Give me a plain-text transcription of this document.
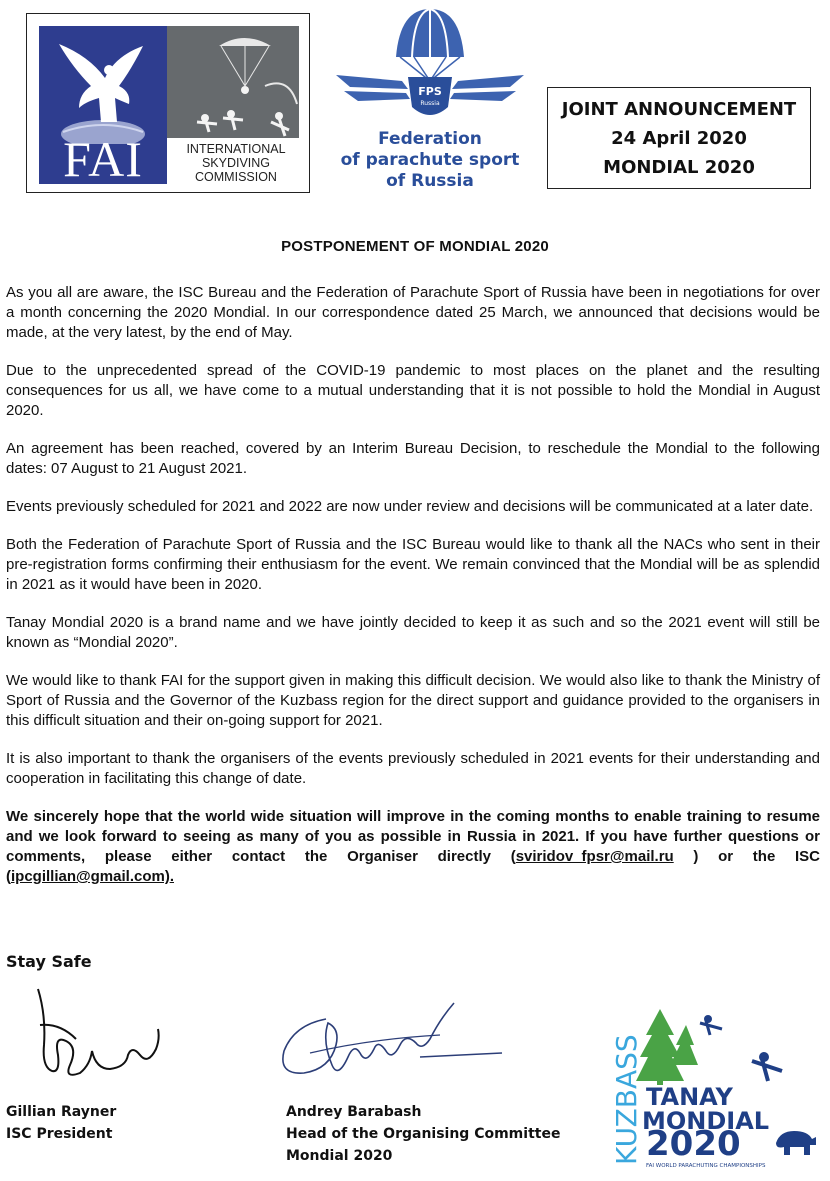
FAI	INTERNATIONAL
SKYDIVING
COMMISSION
FPS
Russia
Federation
of parachute sport
of Russia
JOINT ANNOUNCEMENT
24 April 2020
MONDIAL 2020
POSTPONEMENT OF MONDIAL 2020

As you all are aware, the ISC Bureau and the Federation of Parachute Sport of Russia have been in negotiations for over a month concerning the 2020 Mondial. In our correspondence dated 25 March, we announced that decisions would be made, at the very latest, by the end of May.

Due to the unprecedented spread of the COVID-19 pandemic to most places on the planet and the resulting consequences for us all, we have come to a mutual understanding that it is not possible to hold the Mondial in August 2020.

An agreement has been reached, covered by an Interim Bureau Decision, to reschedule the Mondial to the following dates: 07 August to 21 August 2021.

Events previously scheduled for 2021 and 2022 are now under review and decisions will be communicated at a later date.

Both the Federation of Parachute Sport of Russia and the ISC Bureau would like to thank all the NACs who sent in their pre-registration forms confirming their enthusiasm for the event. We remain convinced that the Mondial will be as splendid in 2021 as it would have been in 2020.

Tanay Mondial 2020 is a brand name and we have jointly decided to keep it as such and so the 2021 event will still be known as “Mondial 2020”.

We would like to thank FAI for the support given in making this difficult decision. We would also like to thank the Ministry of Sport of Russia and the Governor of the Kuzbass region for the direct support and guidance provided to the organisers in this difficult situation and their on-going support for 2021.

It is also important to thank the organisers of the events previously scheduled in 2021 events for their understanding and cooperation in facilitating this change of date.

We sincerely hope that the world wide situation will improve in the coming months to enable training to resume and we look forward to seeing as many of you as possible in Russia in 2021. If you have further questions or comments, please either contact the Organiser directly (sviridov_fpsr@mail.ru ) or the ISC (ipcgillian@gmail.com).

Stay Safe
Gillian Rayner
ISC President
Andrey Barabash
Head of the Organising Committee
Mondial 2020	KUZBASS TANAY
MONDIAL
2020
FAI WORLD PARACHUTING CHAMPIONSHIPS
